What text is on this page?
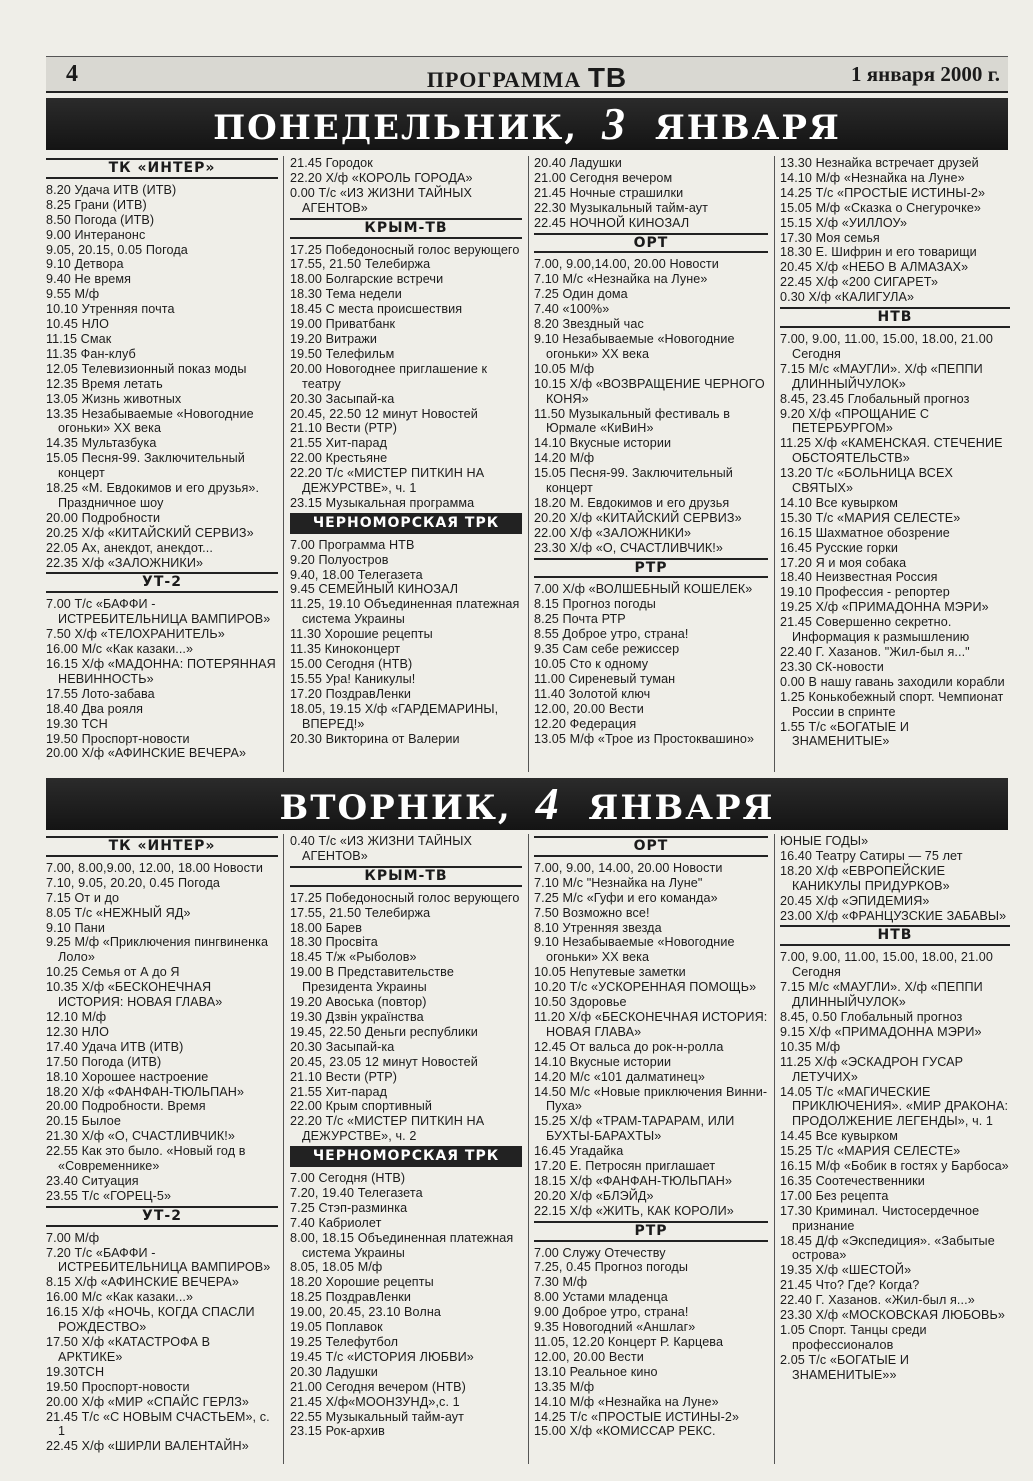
4	ПРОГРАММА ТВ	1 января 2000 г.
ПОНЕДЕЛЬНИК, 3 ЯНВАРЯ
ТК «ИНТЕР»
8.20 Удача ИТВ (ИТВ)
8.25 Грани (ИТВ)
8.50 Погода (ИТВ)
9.00 Интеранонс
9.05, 20.15, 0.05 Погода
9.10 Детвора
9.40 Не время
9.55 М/ф
10.10 Утренняя почта
10.45 НЛО
11.15 Смак
11.35 Фан-клуб
12.05 Телевизионный показ моды
12.35 Время летать
13.05 Жизнь животных
13.35 Незабываемые «Новогодние огоньки» XX века
14.35 Мультазбука
15.05 Песня-99. Заключительный концерт
18.25 «М. Евдокимов и его друзья». Праздничное шоу
20.00 Подробности
20.25 Х/ф «КИТАЙСКИЙ СЕРВИЗ»
22.05 Ах, анекдот, анекдот...
22.35 Х/ф «ЗАЛОЖНИКИ»
УТ-2
7.00 Т/с «БАФФИ - ИСТРЕБИТЕЛЬНИЦА ВАМПИРОВ»
7.50 Х/ф «ТЕЛОХРАНИТЕЛЬ»
16.00 М/с «Как казаки...»
16.15 Х/ф «МАДОННА: ПОТЕРЯННАЯ НЕВИННОСТЬ»
17.55 Лото-забава
18.40 Два рояля
19.30 ТСН
19.50 Проспорт-новости
20.00 Х/ф «АФИНСКИЕ ВЕЧЕРА»
21.45 Городок
22.20 Х/ф «КОРОЛЬ ГОРОДА»
0.00 Т/с «ИЗ ЖИЗНИ ТАЙНЫХ АГЕНТОВ»
КРЫМ-ТВ
17.25 Победоносный голос верующего
17.55, 21.50 Телебиржа
18.00 Болгарские встречи
18.30 Тема недели
18.45 С места происшествия
19.00 Приватбанк
19.20 Витражи
19.50 Телефильм
20.00 Новогоднее приглашение к театру
20.30 Засыпай-ка
20.45, 22.50 12 минут Новостей
21.10 Вести (РТР)
21.55 Хит-парад
22.00 Крестьяне
22.20 Т/с «МИСТЕР ПИТКИН НА ДЕЖУРСТВЕ», ч. 1
23.15 Музыкальная программа
ЧЕРНОМОРСКАЯ ТРК
7.00 Программа НТВ
9.20 Полуостров
9.40, 18.00 Телегазета
9.45 СЕМЕЙНЫЙ КИНОЗАЛ
11.25, 19.10 Объединенная платежная система Украины
11.30 Хорошие рецепты
11.35 Киноконцерт
15.00 Сегодня (НТВ)
15.55 Ура! Каникулы!
17.20 ПоздравЛенки
18.05, 19.15 Х/ф «ГАРДЕМАРИНЫ, ВПЕРЕД!»
20.30 Викторина от Валерии
20.40 Ладушки
21.00 Сегодня вечером
21.45 Ночные страшилки
22.30 Музыкальный тайм-аут
22.45 НОЧНОЙ КИНОЗАЛ
ОРТ
7.00, 9.00,14.00, 20.00 Новости
7.10 М/с «Незнайка на Луне»
7.25 Один дома
7.40 «100%»
8.20 Звездный час
9.10 Незабываемые «Новогодние огоньки» XX века
10.05 М/ф
10.15 Х/ф «ВОЗВРАЩЕНИЕ ЧЕРНОГО КОНЯ»
11.50 Музыкальный фестиваль в Юрмале «КиВиН»
14.10 Вкусные истории
14.20 М/ф
15.05 Песня-99. Заключительный концерт
18.20 М. Евдокимов и его друзья
20.20 Х/ф «КИТАЙСКИЙ СЕРВИЗ»
22.00 Х/ф «ЗАЛОЖНИКИ»
23.30 Х/ф «О, СЧАСТЛИВЧИК!»
РТР
7.00 Х/ф «ВОЛШЕБНЫЙ КОШЕЛЕК»
8.15 Прогноз погоды
8.25 Почта РТР
8.55 Доброе утро, страна!
9.35 Сам себе режиссер
10.05 Сто к одному
11.00 Сиреневый туман
11.40 Золотой ключ
12.00, 20.00 Вести
12.20 Федерация
13.05 М/ф «Трое из Простоквашино»
13.30 Незнайка встречает друзей
14.10 М/ф «Незнайка на Луне»
14.25 Т/с «ПРОСТЫЕ ИСТИНЫ-2»
15.05 М/ф «Сказка о Снегурочке»
15.15 Х/ф «УИЛЛОУ»
17.30 Моя семья
18.30 Е. Шифрин и его товарищи
20.45 Х/ф «НЕБО В АЛМАЗАХ»
22.45 Х/ф «200 СИГАРЕТ»
0.30 Х/ф «КАЛИГУЛА»
НТВ
7.00, 9.00, 11.00, 15.00, 18.00, 21.00 Сегодня
7.15 М/с «МАУГЛИ». Х/ф «ПЕППИ ДЛИННЫЙЧУЛОК»
8.45, 23.45 Глобальный прогноз
9.20 Х/ф «ПРОЩАНИЕ С ПЕТЕРБУРГОМ»
11.25 Х/ф «КАМЕНСКАЯ. СТЕЧЕНИЕ ОБСТОЯТЕЛЬСТВ»
13.20 Т/с «БОЛЬНИЦА ВСЕХ СВЯТЫХ»
14.10 Все кувырком
15.30 Т/с «МАРИЯ СЕЛЕСТЕ»
16.15 Шахматное обозрение
16.45 Русские горки
17.20 Я и моя собака
18.40 Неизвестная Россия
19.10 Профессия - репортер
19.25 Х/ф «ПРИМАДОННА МЭРИ»
21.45 Совершенно секретно. Информация к размышлению
22.40 Г. Хазанов. "Жил-был я..."
23.30 СК-новости
0.00 В нашу гавань заходили корабли
1.25 Конькобежный спорт. Чемпионат России в спринте
1.55 Т/с «БОГАТЫЕ И ЗНАМЕНИТЫЕ»
ВТОРНИК, 4 ЯНВАРЯ
ТК «ИНТЕР»
7.00, 8.00,9.00, 12.00, 18.00 Новости
7.10, 9.05, 20.20, 0.45 Погода
7.15 От и до
8.05 Т/с «НЕЖНЫЙ ЯД»
9.10 Пани
9.25 М/ф «Приключения пингвиненка Лоло»
10.25 Семья от А до Я
10.35 Х/ф «БЕСКОНЕЧНАЯ ИСТОРИЯ: НОВАЯ ГЛАВА»
12.10 М/ф
12.30 НЛО
17.40 Удача ИТВ (ИТВ)
17.50 Погода (ИТВ)
18.10 Хорошее настроение
18.20 Х/ф «ФАНФАН-ТЮЛЬПАН»
20.00 Подробности. Время
20.15 Былое
21.30 Х/ф «О, СЧАСТЛИВЧИК!»
22.55 Как это было. «Новый год в «Современнике»
23.40 Ситуация
23.55 Т/с «ГОРЕЦ-5»
УТ-2
7.00 М/ф
7.20 Т/с «БАФФИ - ИСТРЕБИТЕЛЬНИЦА ВАМПИРОВ»
8.15 Х/ф «АФИНСКИЕ ВЕЧЕРА»
16.00 М/с «Как казаки...»
16.15 Х/ф «НОЧЬ, КОГДА СПАСЛИ РОЖДЕСТВО»
17.50 Х/ф «КАТАСТРОФА В АРКТИКЕ»
19.30ТСН
19.50 Проспорт-новости
20.00 Х/ф «МИР «СПАЙС ГЕРЛЗ»
21.45 Т/с «С НОВЫМ СЧАСТЬЕМ», с. 1
22.45 Х/ф «ШИРЛИ ВАЛЕНТАЙН»
0.40 Т/с «ИЗ ЖИЗНИ ТАЙНЫХ АГЕНТОВ»
КРЫМ-ТВ
17.25 Победоносный голос верующего
17.55, 21.50 Телебиржа
18.00 Барев
18.30 Просвiта
18.45 Т/ж «Рыболов»
19.00 В Представительстве Президента Украины
19.20 Авоська (повтор)
19.30 Дзвiн українства
19.45, 22.50 Деньги республики
20.30 Засыпай-ка
20.45, 23.05 12 минут Новостей
21.10 Вести (РТР)
21.55 Хит-парад
22.00 Крым спортивный
22.20 Т/с «МИСТЕР ПИТКИН НА ДЕЖУРСТВЕ», ч. 2
ЧЕРНОМОРСКАЯ ТРК
7.00 Сегодня (НТВ)
7.20, 19.40 Телегазета
7.25 Стэп-разминка
7.40 Кабриолет
8.00, 18.15 Объединенная платежная система Украины
8.05, 18.05 М/ф
18.20 Хорошие рецепты
18.25 ПоздравЛенки
19.00, 20.45, 23.10 Волна
19.05 Поплавок
19.25 Телефутбол
19.45 Т/с «ИСТОРИЯ ЛЮБВИ»
20.30 Ладушки
21.00 Сегодня вечером (НТВ)
21.45 Х/ф«МООНЗУНД»,с. 1
22.55 Музыкальный тайм-аут
23.15 Рок-архив
ОРТ
7.00, 9.00, 14.00, 20.00 Новости
7.10 М/с "Незнайка на Луне"
7.25 М/с «Гуфи и его команда»
7.50 Возможно все!
8.10 Утренняя звезда
9.10 Незабываемые «Новогодние огоньки» XX века
10.05 Непутевые заметки
10.20 Т/с «УСКОРЕННАЯ ПОМОЩЬ»
10.50 Здоровье
11.20 Х/ф «БЕСКОНЕЧНАЯ ИСТОРИЯ: НОВАЯ ГЛАВА»
12.45 От вальса до рок-н-ролла
14.10 Вкусные истории
14.20 М/с «101 далматинец»
14.50 М/с «Новые приключения Винни-Пуха»
15.25 Х/ф «ТРАМ-ТАРАРАМ, ИЛИ БУХТЫ-БАРАХТЫ»
16.45 Угадайка
17.20 Е. Петросян приглашает
18.15 Х/ф «ФАНФАН-ТЮЛЬПАН»
20.20 Х/ф «БЛЭЙД»
22.15 Х/ф «ЖИТЬ, КАК КОРОЛИ»
РТР
7.00 Служу Отечеству
7.25, 0.45 Прогноз погоды
7.30 М/ф
8.00 Устами младенца
9.00 Доброе утро, страна!
9.35 Новогодний «Аншлаг»
11.05, 12.20 Концерт Р. Карцева
12.00, 20.00 Вести
13.10 Реальное кино
13.35 М/ф
14.10 М/ф «Незнайка на Луне»
14.25 Т/с «ПРОСТЫЕ ИСТИНЫ-2»
15.00 Х/ф «КОМИССАР РЕКС.
ЮНЫЕ ГОДЫ»
16.40 Театру Сатиры — 75 лет
18.20 Х/ф «ЕВРОПЕЙСКИЕ КАНИКУЛЫ ПРИДУРКОВ»
20.45 Х/ф «ЭПИДЕМИЯ»
23.00 Х/ф «ФРАНЦУЗСКИЕ ЗАБАВЫ»
НТВ
7.00, 9.00, 11.00, 15.00, 18.00, 21.00 Сегодня
7.15 М/с «МАУГЛИ». Х/ф «ПЕППИ ДЛИННЫЙЧУЛОК»
8.45, 0.50 Глобальный прогноз
9.15 Х/ф «ПРИМАДОННА МЭРИ»
10.35 М/ф
11.25 Х/ф «ЭСКАДРОН ГУСАР ЛЕТУЧИХ»
14.05 Т/с «МАГИЧЕСКИЕ ПРИКЛЮЧЕНИЯ». «МИР ДРАКОНА: ПРОДОЛЖЕНИЕ ЛЕГЕНДЫ», ч. 1
14.45 Все кувырком
15.25 Т/с «МАРИЯ СЕЛЕСТЕ»
16.15 М/ф «Бобик в гостях у Барбоса»
16.35 Соотечественники
17.00 Без рецепта
17.30 Криминал. Чистосердечное признание
18.45 Д/ф «Экспедиция». «Забытые острова»
19.35 Х/ф «ШЕСТОЙ»
21.45 Что? Где? Когда?
22.40 Г. Хазанов. «Жил-был я...»
23.30 Х/ф «МОСКОВСКАЯ ЛЮБОВЬ»
1.05 Спорт. Танцы среди профессионалов
2.05 Т/с «БОГАТЫЕ И ЗНАМЕНИТЫЕ»»
